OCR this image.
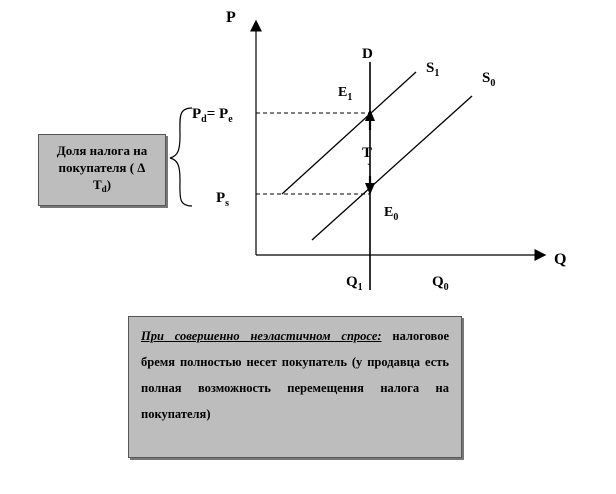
`
P
Q
D
$S_1$	$S_0$
$E_1$
$E_0$
T
$P_d= P_e$
$P_s$
$Q_1$	$Q_0$
Доля налога на
покупателя ( Δ
$T_d$)
При совершенно неэластичном спросе: налоговое бремя полностью несет покупатель (у продавца есть полная возможность перемещения налога на покупателя)
